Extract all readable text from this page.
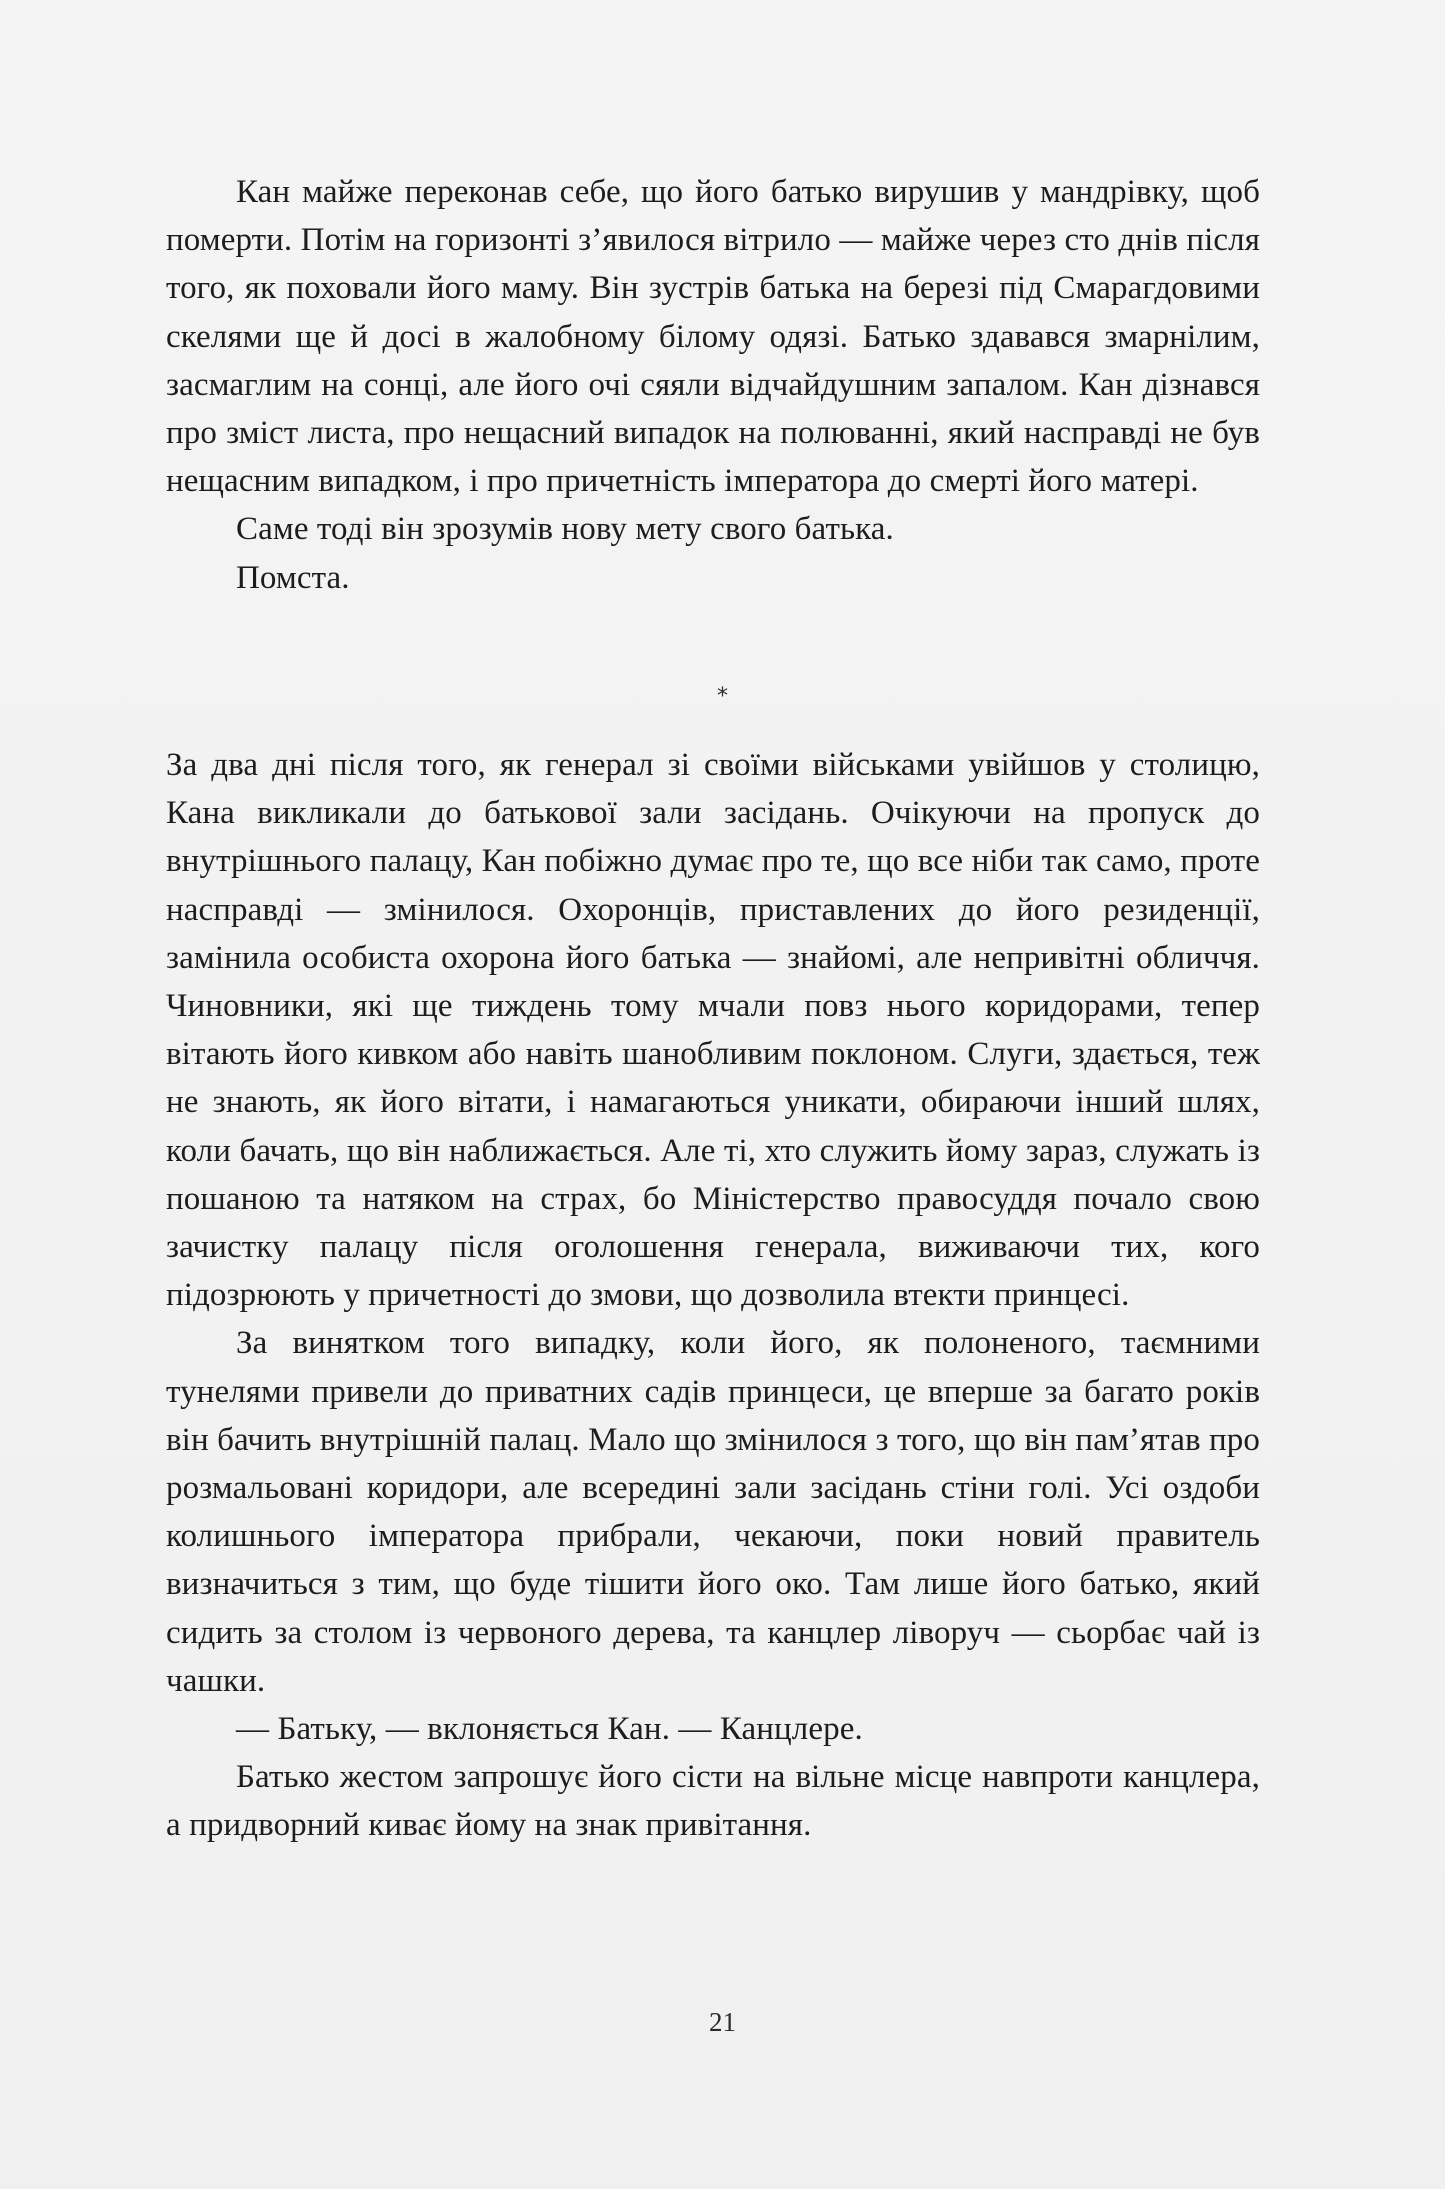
Кан майже переконав себе, що його батько вирушив у мандрівку, щоб померти. Потім на горизонті з’явилося вітрило — майже через сто днів після того, як поховали його маму. Він зустрів батька на березі під Смарагдовими скелями ще й досі в жалобному білому одязі. Батько здавався змарнілим, засмаглим на сонці, але його очі сяяли відчайдушним запалом. Кан дізнався про зміст листа, про нещасний випадок на полюванні, який насправді не був нещасним випадком, і про причетність імператора до смерті його матері.

Саме тоді він зрозумів нову мету свого батька.

Помста.

*

За два дні після того, як генерал зі своїми військами увійшов у столицю, Кана викликали до батькової зали засідань. Очікуючи на пропуск до внутрішнього палацу, Кан побіжно думає про те, що все ніби так само, проте насправді — змінилося. Охоронців, приставлених до його резиденції, замінила особиста охорона його батька — знайомі, але непривітні обличчя. Чиновники, які ще тиждень тому мчали повз нього коридорами, тепер вітають його кивком або навіть шанобливим поклоном. Слуги, здається, теж не знають, як його вітати, і намагаються уникати, обираючи інший шлях, коли бачать, що він наближається. Але ті, хто служить йому зараз, служать із пошаною та натяком на страх, бо Міністерство правосуддя почало свою зачистку палацу після оголошення генерала, виживаючи тих, кого підозрюють у причетності до змови, що дозволила втекти принцесі.

За винятком того випадку, коли його, як полоненого, таємними тунелями привели до приватних садів принцеси, це вперше за багато років він бачить внутрішній палац. Мало що змінилося з того, що він пам’ятав про розмальовані коридори, але всередині зали засідань стіни голі. Усі оздоби колишнього імператора прибрали, чекаючи, поки новий правитель визначиться з тим, що буде тішити його око. Там лише його батько, який сидить за столом із червоного дерева, та канцлер ліворуч — сьорбає чай із чашки.

— Батьку, — вклоняється Кан. — Канцлере.

Батько жестом запрошує його сісти на вільне місце навпроти канцлера, а придворний киває йому на знак привітання.

21
